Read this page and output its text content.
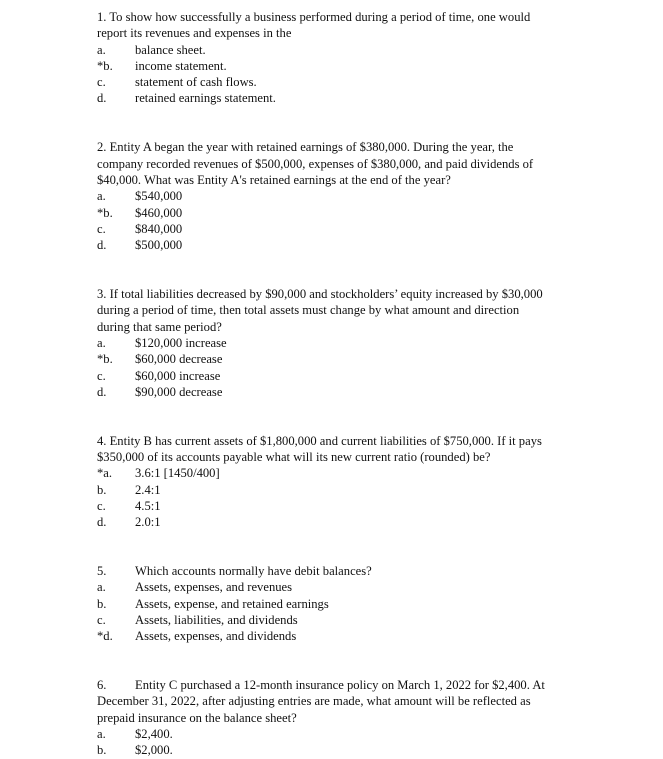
1. To show how successfully a business performed during a period of time, one would
report its revenues and expenses in the
a.	balance sheet.
*b.	income statement.
c.	statement of cash flows.
d.	retained earnings statement.
2. Entity A began the year with retained earnings of $380,000. During the year, the
company recorded revenues of $500,000, expenses of $380,000, and paid dividends of
$40,000. What was Entity A's retained earnings at the end of the year?
a.	$540,000
*b.	$460,000
c.	$840,000
d.	$500,000
3. If total liabilities decreased by $90,000 and stockholders’ equity increased by $30,000
during a period of time, then total assets must change by what amount and direction
during that same period?
a.	$120,000 increase
*b.	$60,000 decrease
c.	$60,000 increase
d.	$90,000 decrease
4. Entity B has current assets of $1,800,000 and current liabilities of $750,000. If it pays
$350,000 of its accounts payable what will its new current ratio (rounded) be?
*a.	3.6:1 [1450/400]
b.	2.4:1
c.	4.5:1
d.	2.0:1
5.	Which accounts normally have debit balances?
a.	Assets, expenses, and revenues
b.	Assets, expense, and retained earnings
c.	Assets, liabilities, and dividends
*d.	Assets, expenses, and dividends
6. Entity C purchased a 12-month insurance policy on March 1, 2022 for $2,400. At
December 31, 2022, after adjusting entries are made, what amount will be reflected as
prepaid insurance on the balance sheet?
a.	$2,400.
b.	$2,000.
